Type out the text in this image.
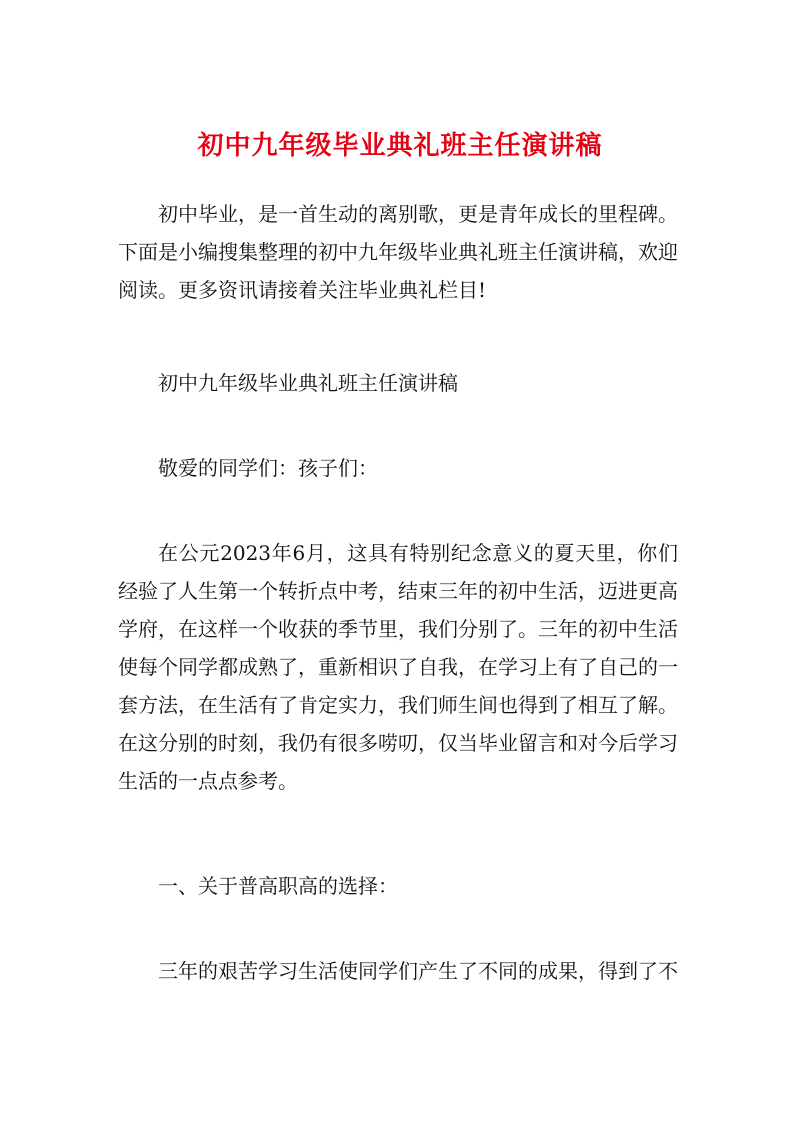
初中九年级毕业典礼班主任演讲稿

初中毕业，是一首生动的离别歌，更是青年成长的里程碑。下面是小编搜集整理的初中九年级毕业典礼班主任演讲稿，欢迎阅读。更多资讯请接着关注毕业典礼栏目!

初中九年级毕业典礼班主任演讲稿

敬爱的同学们：孩子们：

在公元2023年6月，这具有特别纪念意义的夏天里，你们经验了人生第一个转折点中考，结束三年的初中生活，迈进更高学府，在这样一个收获的季节里，我们分别了。三年的初中生活使每个同学都成熟了，重新相识了自我，在学习上有了自己的一套方法，在生活有了肯定实力，我们师生间也得到了相互了解。在这分别的时刻，我仍有很多唠叨，仅当毕业留言和对今后学习生活的一点点参考。

一、关于普高职高的选择：

三年的艰苦学习生活使同学们产生了不同的成果，得到了不
